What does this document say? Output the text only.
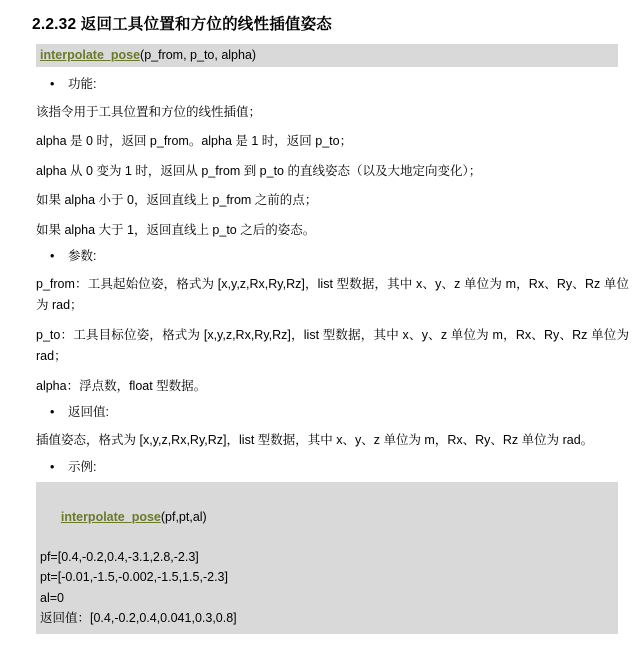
2.2.32 返回工具位置和方位的线性插值姿态
interpolate_pose(p_from, p_to, alpha)
• 功能:
该指令用于工具位置和方位的线性插值；
alpha 是 0 时，返回 p_from。alpha 是 1 时，返回 p_to；
alpha 从 0 变为 1 时，返回从 p_from 到 p_to 的直线姿态（以及大地定向变化）；
如果 alpha 小于 0，返回直线上 p_from 之前的点；
如果 alpha 大于 1，返回直线上 p_to 之后的姿态。
• 参数:
p_from：工具起始位姿，格式为 [x,y,z,Rx,Ry,Rz]，list 型数据，其中 x、y、z 单位为 m，Rx、Ry、Rz 单位为 rad；
p_to：工具目标位姿，格式为 [x,y,z,Rx,Ry,Rz]，list 型数据，其中 x、y、z 单位为 m，Rx、Ry、Rz 单位为 rad；
alpha：浮点数，float 型数据。
• 返回值:
插值姿态，格式为 [x,y,z,Rx,Ry,Rz]，list 型数据，其中 x、y、z 单位为 m，Rx、Ry、Rz 单位为 rad。
• 示例:

interpolate_pose(pf,pt,al)

pf=[0.4,-0.2,0.4,-3.1,2.8,-2.3]
pt=[-0.01,-1.5,-0.002,-1.5,1.5,-2.3]
al=0
返回值：[0.4,-0.2,0.4,0.041,0.3,0.8]
